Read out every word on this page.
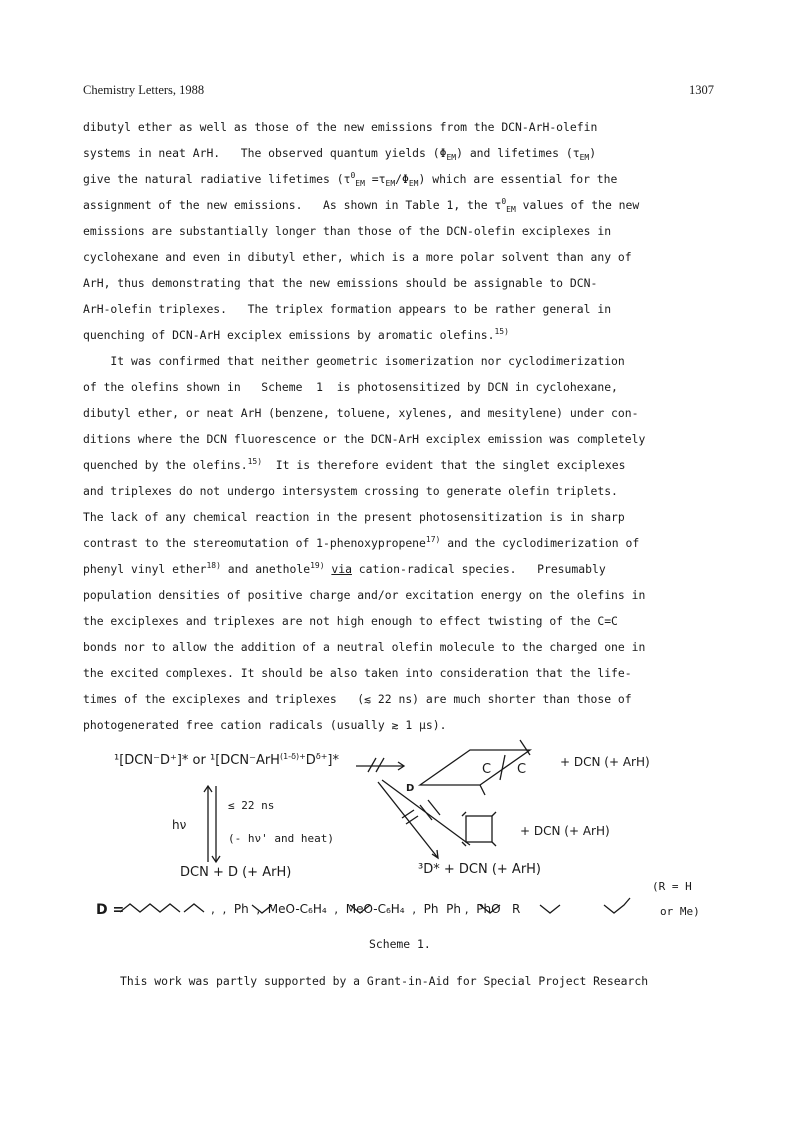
Chemistry Letters, 1988	1307
dibutyl ether as well as those of the new emissions from the DCN-ArH-olefin
systems in neat ArH.   The observed quantum yields $(\Phi_{EM})$ and lifetimes $(\tau_{EM})$
give the natural radiative lifetimes $(\tau^0_{EM} =\tau_{EM}/\Phi_{EM})$ which are essential for the
assignment of the new emissions.   As shown in Table 1, the $\tau^0_{EM}$ values of the new
emissions are substantially longer than those of the DCN-olefin exciplexes in
cyclohexane and even in dibutyl ether, which is a more polar solvent than any of
ArH, thus demonstrating that the new emissions should be assignable to DCN-
ArH-olefin triplexes.   The triplex formation appears to be rather general in
quenching of DCN-ArH exciplex emissions by aromatic olefins.$^{15)}$
It was confirmed that neither geometric isomerization nor cyclodimerization
of the olefins shown in   Scheme  1  is photosensitized by DCN in cyclohexane,
dibutyl ether, or neat ArH (benzene, toluene, xylenes, and mesitylene) under con-
ditions where the DCN fluorescence or the DCN-ArH exciplex emission was completely
quenched by the olefins.$^{15)}$  It is therefore evident that the singlet exciplexes
and triplexes do not undergo intersystem crossing to generate olefin triplets.
The lack of any chemical reaction in the present photosensitization is in sharp
contrast to the stereomutation of 1-phenoxypropene$^{17)}$ and the cyclodimerization of
phenyl vinyl ether$^{18)}$ and anethole$^{19)}$ via cation-radical species.   Presumably
population densities of positive charge and/or excitation energy on the olefins in
the exciplexes and triplexes are not high enough to effect twisting of the C=C
bonds nor to allow the addition of a neutral olefin molecule to the charged one in
the excited complexes. It should be also taken into consideration that the life-
times of the exciplexes and triplexes   (≲ 22 ns) are much shorter than those of
photogenerated free cation radicals (usually ≳ 1 μs).
¹[DCN⁻D⁺]* or $^1[DCN^-ArH^{(1-\delta)+}D^{\delta+}]*$
hν
≤ 22 ns
(- hν' and heat)
DCN + D (+ ArH)
D
C C	+ DCN (+ ArH)
+ DCN (+ ArH)
³D* + DCN (+ ArH)
D =	,  ,  Ph  ,  MeO-C₆H₄  ,  MeO-C₆H₄  ,  Ph  Ph ,  PhO   R
(R = H
or Me)
Scheme 1.
This work was partly supported by a Grant-in-Aid for Special Project Research
